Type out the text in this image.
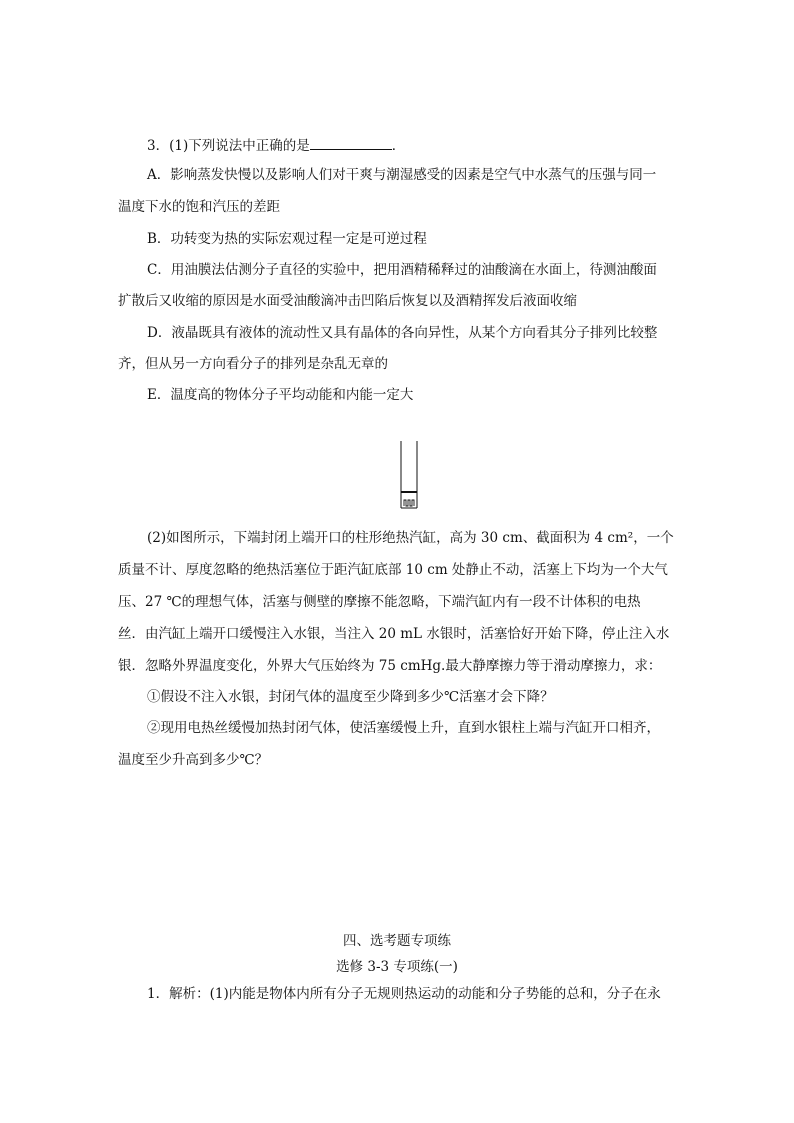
3．(1)下列说法中正确的是	．
A．影响蒸发快慢以及影响人们对干爽与潮湿感受的因素是空气中水蒸气的压强与同一
温度下水的饱和汽压的差距
B．功转变为热的实际宏观过程一定是可逆过程
C．用油膜法估测分子直径的实验中，把用酒精稀释过的油酸滴在水面上，待测油酸面
扩散后又收缩的原因是水面受油酸滴冲击凹陷后恢复以及酒精挥发后液面收缩
D．液晶既具有液体的流动性又具有晶体的各向异性，从某个方向看其分子排列比较整
齐，但从另一方向看分子的排列是杂乱无章的
E．温度高的物体分子平均动能和内能一定大
(2)如图所示，下端封闭上端开口的柱形绝热汽缸，高为 30 cm、截面积为 4 cm²，一个
质量不计、厚度忽略的绝热活塞位于距汽缸底部 10 cm 处静止不动，活塞上下均为一个大气
压、27 ℃的理想气体，活塞与侧壁的摩擦不能忽略，下端汽缸内有一段不计体积的电热
丝．由汽缸上端开口缓慢注入水银，当注入 20 mL 水银时，活塞恰好开始下降，停止注入水
银．忽略外界温度变化，外界大气压始终为 75 cmHg.最大静摩擦力等于滑动摩擦力，求：
①假设不注入水银，封闭气体的温度至少降到多少℃活塞才会下降？
②现用电热丝缓慢加热封闭气体，使活塞缓慢上升，直到水银柱上端与汽缸开口相齐，
温度至少升高到多少℃？
四、选考题专项练
选修 3-3 专项练(一)
1．解析：(1)内能是物体内所有分子无规则热运动的动能和分子势能的总和，分子在永
